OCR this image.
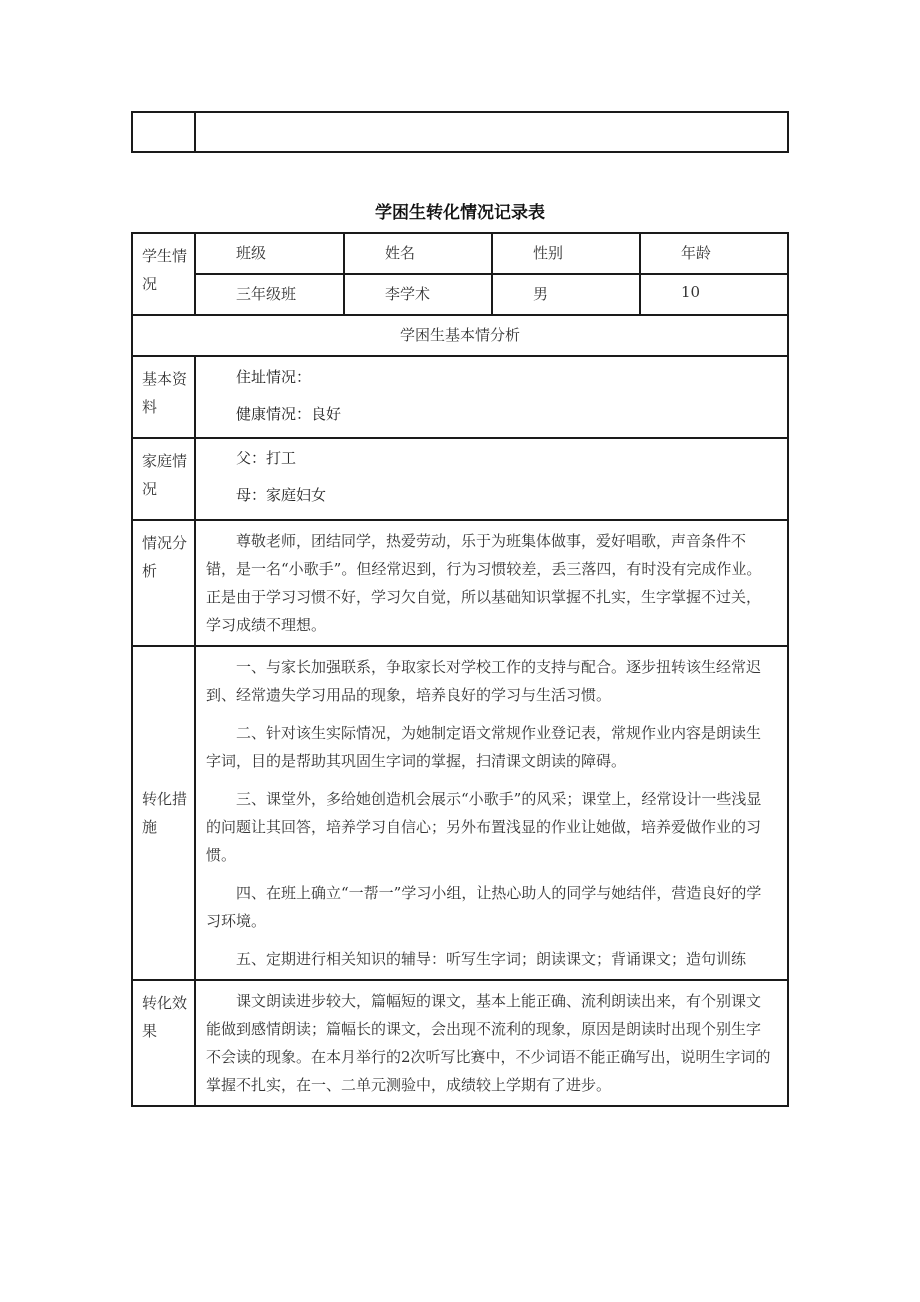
学困生转化情况记录表
学生情况	班级	姓名	性别	年龄
	三年级班	李学术	男	10
学困生基本情分析				
基本资料	住址情况：
健康情况：良好			

家庭情况	父：打工
母：家庭妇女			

情况分析	尊敬老师，团结同学，热爱劳动，乐于为班集体做事，爱好唱歌，声音条件不错，是一名“小歌手”。但经常迟到，行为习惯较差，丢三落四，有时没有完成作业。正是由于学习习惯不好，学习欠自觉，所以基础知识掌握不扎实，生字掌握不过关，学习成绩不理想。			

转化措施	一、与家长加强联系，争取家长对学校工作的支持与配合。逐步扭转该生经常迟到、经常遗失学习用品的现象，培养良好的学习与生活习惯。

二、针对该生实际情况，为她制定语文常规作业登记表，常规作业内容是朗读生字词，目的是帮助其巩固生字词的掌握，扫清课文朗读的障碍。

三、课堂外，多给她创造机会展示“小歌手”的风采；课堂上，经常设计一些浅显的问题让其回答，培养学习自信心；另外布置浅显的作业让她做，培养爱做作业的习惯。

四、在班上确立“一帮一”学习小组，让热心助人的同学与她结伴，营造良好的学习环境。

五、定期进行相关知识的辅导：听写生字词；朗读课文；背诵课文；造句训练			

转化效果	课文朗读进步较大，篇幅短的课文，基本上能正确、流利朗读出来，有个别课文能做到感情朗读；篇幅长的课文，会出现不流利的现象，原因是朗读时出现个别生字不会读的现象。在本月举行的2次听写比赛中，不少词语不能正确写出，说明生字词的掌握不扎实，在一、二单元测验中，成绩较上学期有了进步。			
